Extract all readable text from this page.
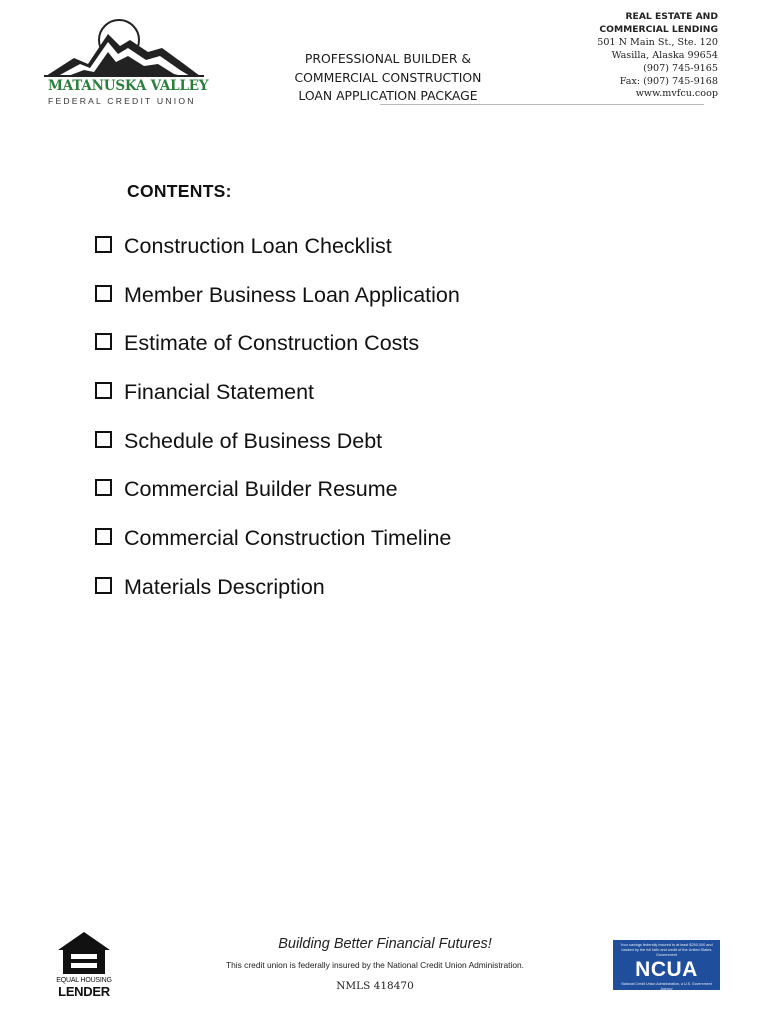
MATANUSKA VALLEY
FEDERAL CREDIT UNION
PROFESSIONAL BUILDER &
COMMERCIAL CONSTRUCTION
LOAN APPLICATION PACKAGE
REAL ESTATE AND
COMMERCIAL LENDING
501 N Main St., Ste. 120
Wasilla, Alaska 99654
(907) 745-9165
Fax: (907) 745-9168
www.mvfcu.coop
CONTENTS:
Construction Loan Checklist
Member Business Loan Application
Estimate of Construction Costs
Financial Statement
Schedule of Business Debt
Commercial Builder Resume
Commercial Construction Timeline
Materials Description
EQUAL HOUSING
LENDER
Building Better Financial Futures!
This credit union is federally insured by the National Credit Union Administration.
NMLS 418470
Your savings federally insured to at least $250,000 and backed by the full faith and credit of the United States Government
NCUA
National Credit Union Administration, a U.S. Government Agency
